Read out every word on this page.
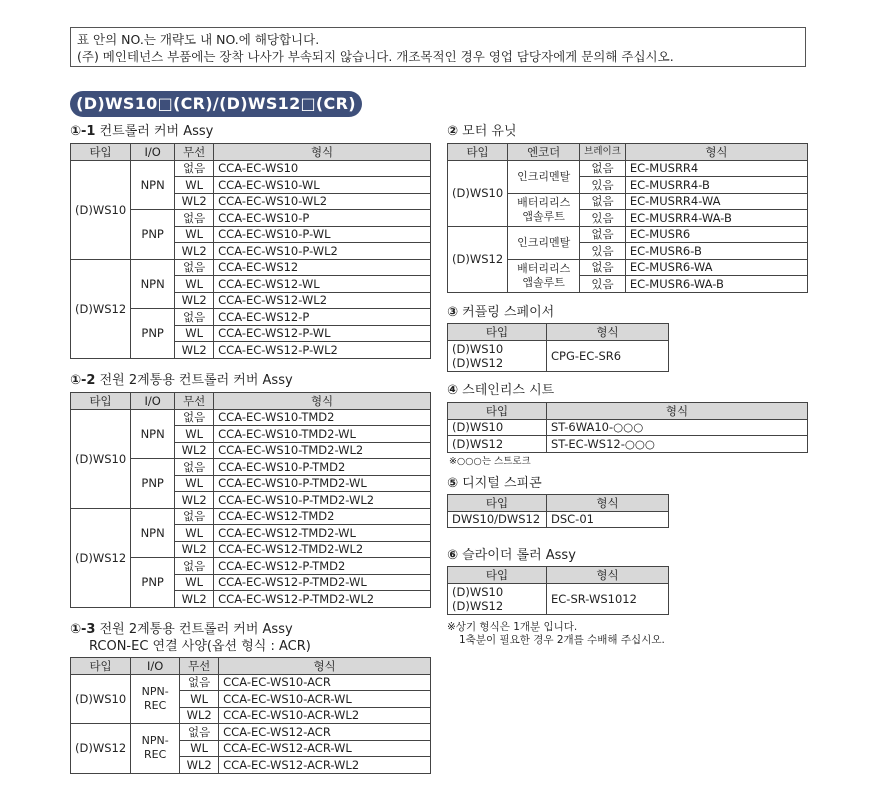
표 안의 NO.는 개략도 내 NO.에 해당합니다.
(주) 메인테넌스 부품에는 장착 나사가 부속되지 않습니다. 개조목적인 경우 영업 담당자에게 문의해 주십시오.
(D)WS10□(CR)/(D)WS12□(CR)
①-1 컨트롤러 커버 Assy
타입	I/O	무선	형식
(D)WS10	NPN	없음	CCA-EC-WS10
		WL	CCA-EC-WS10-WL
		WL2	CCA-EC-WS10-WL2
	PNP	없음	CCA-EC-WS10-P
		WL	CCA-EC-WS10-P-WL
		WL2	CCA-EC-WS10-P-WL2
(D)WS12	NPN	없음	CCA-EC-WS12
		WL	CCA-EC-WS12-WL
		WL2	CCA-EC-WS12-WL2
	PNP	없음	CCA-EC-WS12-P
		WL	CCA-EC-WS12-P-WL
		WL2	CCA-EC-WS12-P-WL2
①-2 전원 2계통용 컨트롤러 커버 Assy
타입	I/O	무선	형식
(D)WS10	NPN	없음	CCA-EC-WS10-TMD2
		WL	CCA-EC-WS10-TMD2-WL
		WL2	CCA-EC-WS10-TMD2-WL2
	PNP	없음	CCA-EC-WS10-P-TMD2
		WL	CCA-EC-WS10-P-TMD2-WL
		WL2	CCA-EC-WS10-P-TMD2-WL2
(D)WS12	NPN	없음	CCA-EC-WS12-TMD2
		WL	CCA-EC-WS12-TMD2-WL
		WL2	CCA-EC-WS12-TMD2-WL2
	PNP	없음	CCA-EC-WS12-P-TMD2
		WL	CCA-EC-WS12-P-TMD2-WL
		WL2	CCA-EC-WS12-P-TMD2-WL2
①-3 전원 2계통용 컨트롤러 커버 Assy
RCON-EC 연결 사양(옵션 형식 : ACR)
타입	I/O	무선	형식
(D)WS10	NPN-REC	없음	CCA-EC-WS10-ACR
		WL	CCA-EC-WS10-ACR-WL
		WL2	CCA-EC-WS10-ACR-WL2
(D)WS12	NPN-REC	없음	CCA-EC-WS12-ACR
		WL	CCA-EC-WS12-ACR-WL
		WL2	CCA-EC-WS12-ACR-WL2
② 모터 유닛
타입	엔코더	브레이크	형식
(D)WS10	인크리멘탈	없음	EC-MUSRR4
		있음	EC-MUSRR4-B
	배터리리스 앱솔루트	없음	EC-MUSRR4-WA
		있음	EC-MUSRR4-WA-B
(D)WS12	인크리멘탈	없음	EC-MUSR6
		있음	EC-MUSR6-B
	배터리리스 앱솔루트	없음	EC-MUSR6-WA
		있음	EC-MUSR6-WA-B
③ 커플링 스페이서
타입	형식

(D)WS10
(D)WS12	CPG-EC-SR6
④ 스테인리스 시트
타입	형식
(D)WS10	ST-6WA10-○○○
(D)WS12	ST-EC-WS12-○○○
※○○○는 스트로크
⑤ 디지털 스피콘
타입	형식
DWS10/DWS12	DSC-01
⑥ 슬라이더 롤러 Assy
타입	형식

(D)WS10
(D)WS12	EC-SR-WS1012
※상기 형식은 1개분 입니다.
1축분이 필요한 경우 2개를 수배해 주십시오.
